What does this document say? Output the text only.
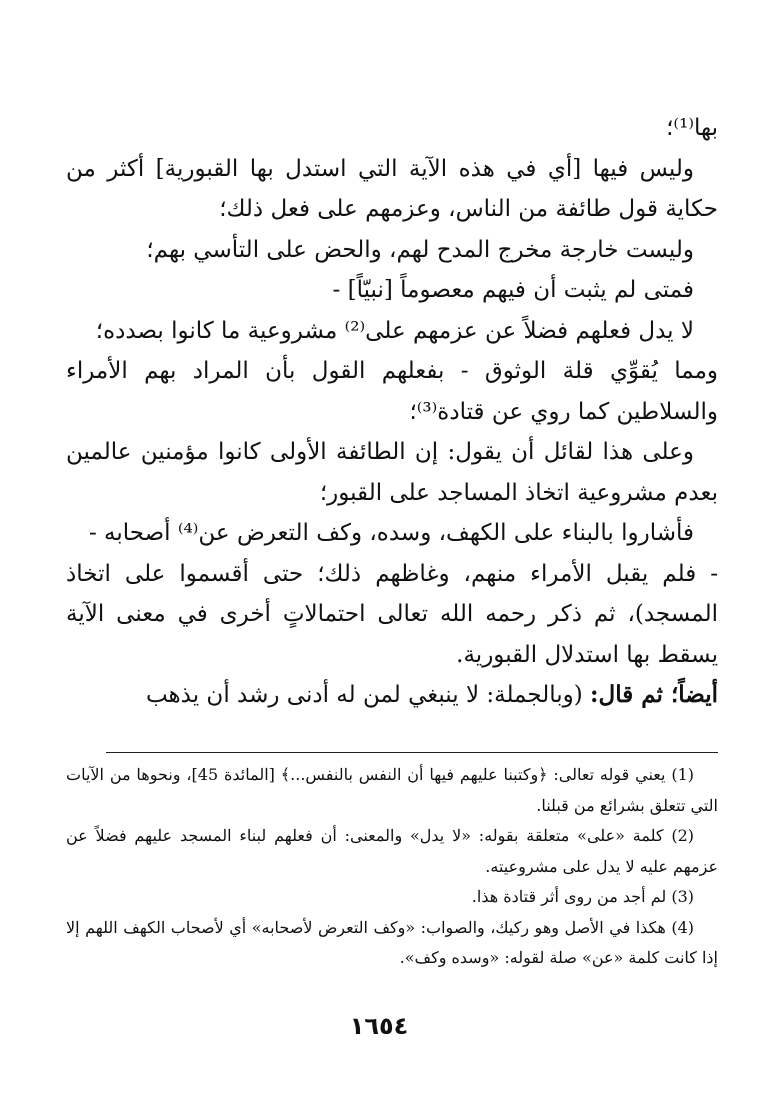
بها⁽¹⁾؛

وليس فيها [أي في هذه الآية التي استدل بها القبورية] أكثر من حكاية قول طائفة من الناس، وعزمهم على فعل ذلك؛

وليست خارجة مخرج المدح لهم، والحض على التأسي بهم؛

فمتى لم يثبت أن فيهم معصوماً [نبيّاً] -

لا يدل فعلهم فضلاً عن عزمهم على⁽²⁾ مشروعية ما كانوا بصدده؛

ومما يُقوِّي قلة الوثوق - بفعلهم القول بأن المراد بهم الأمراء والسلاطين كما روي عن قتادة⁽³⁾؛

وعلى هذا لقائل أن يقول: إن الطائفة الأولى كانوا مؤمنين عالمين بعدم مشروعية اتخاذ المساجد على القبور؛

فأشاروا بالبناء على الكهف، وسده، وكف التعرض عن⁽⁴⁾ أصحابه -

- فلم يقبل الأمراء منهم، وغاظهم ذلك؛ حتى أقسموا على اتخاذ المسجد)، ثم ذكر رحمه الله تعالى احتمالاتٍ أخرى في معنى الآية يسقط بها استدلال القبورية.

أيضاً؛ ثم قال: (وبالجملة: لا ينبغي لمن له أدنى رشد أن يذهب

(1) يعني قوله تعالى: ﴿وكتبنا عليهم فيها أن النفس بالنفس...﴾ [المائدة 45]، ونحوها من الآيات التي تتعلق بشرائع من قبلنا.

(2) كلمة «على» متعلقة بقوله: «لا يدل» والمعنى: أن فعلهم لبناء المسجد عليهم فضلاً عن عزمهم عليه لا يدل على مشروعيته.

(3) لم أجد من روى أثر قتادة هذا.

(4) هكذا في الأصل وهو ركيك، والصواب: «وكف التعرض لأصحابه» أي لأصحاب الكهف اللهم إلا إذا كانت كلمة «عن» صلة لقوله: «وسده وكف».

١٦٥٤
